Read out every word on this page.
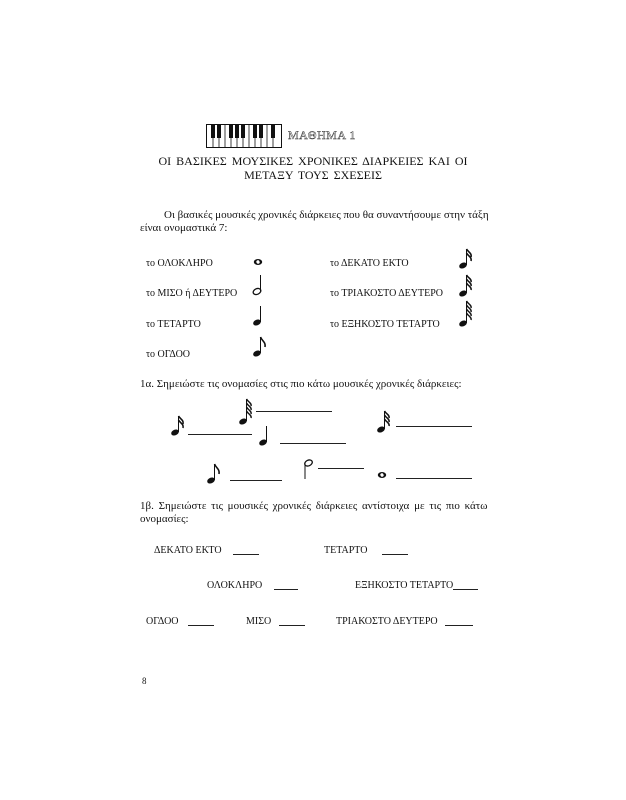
ΜΑΘΗΜΑ 1
ΟΙ ΒΑΣΙΚΕΣ ΜΟΥΣΙΚΕΣ ΧΡΟΝΙΚΕΣ ΔΙΑΡΚΕΙΕΣ ΚΑΙ ΟΙ
ΜΕΤΑΞΥ ΤΟΥΣ ΣΧΕΣΕΙΣ
Οι βασικές μουσικές χρονικές διάρκειες που θα συναντήσουμε στην τάξη
είναι ονομαστικά 7:
το ΟΛΟΚΛΗΡΟ
το ΜΙΣΟ ή ΔΕΥΤΕΡΟ
το ΤΕΤΑΡΤΟ
το ΟΓΔΟΟ
το ΔΕΚΑΤΟ ΕΚΤΟ
το ΤΡΙΑΚΟΣΤΟ ΔΕΥΤΕΡΟ
το ΕΞΗΚΟΣΤΟ ΤΕΤΑΡΤΟ
1α. Σημειώστε τις ονομασίες στις πιο κάτω μουσικές χρονικές διάρκειες:
1β. Σημειώστε τις μουσικές χρονικές διάρκειες αντίστοιχα με τις πιο κάτω
ονομασίες:
ΔΕΚΑΤΟ ΕΚΤΟ	ΤΕΤΑΡΤΟ
ΟΛΟΚΛΗΡΟ	ΕΞΗΚΟΣΤΟ ΤΕΤΑΡΤΟ
ΟΓΔΟΟ	ΜΙΣΟ	ΤΡΙΑΚΟΣΤΟ ΔΕΥΤΕΡΟ
8
